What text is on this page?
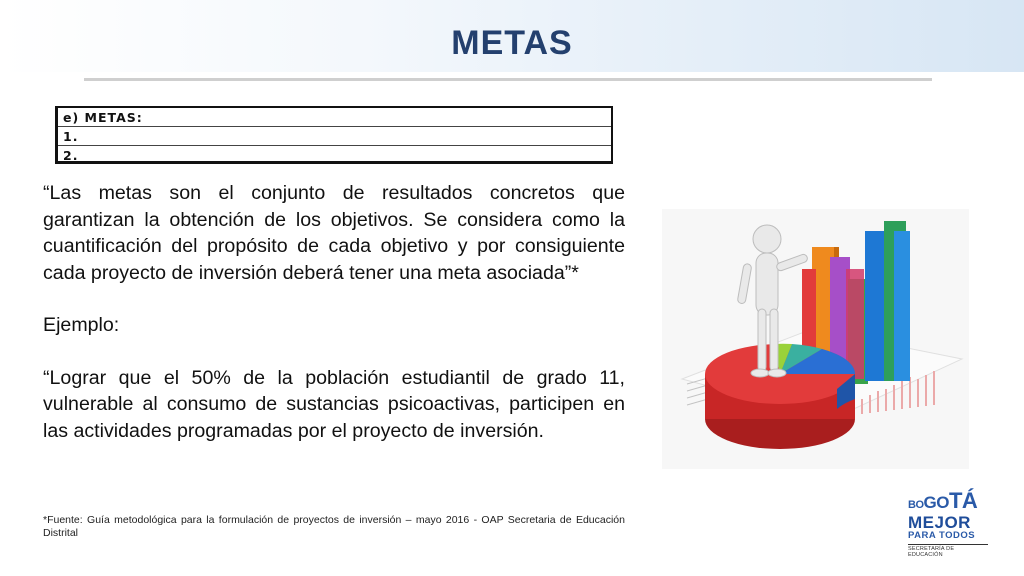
METAS
e) METAS:
1.
2.

“Las metas son el conjunto de resultados concretos que garantizan la obtención de los objetivos. Se considera como la cuantificación del propósito de cada objetivo y por consiguiente cada proyecto de inversión deberá tener una meta asociada”*

Ejemplo:

“Lograr que el 50% de la población estudiantil de grado 11, vulnerable al consumo de sustancias psicoactivas, participen en las actividades programadas por el proyecto de inversión.

*Fuente: Guía metodológica para la formulación de proyectos de inversión – mayo 2016 - OAP Secretaria de Educación Distrital
BOGOTÁ
MEJOR
PARA TODOS
SECRETARÍA DE EDUCACIÓN
